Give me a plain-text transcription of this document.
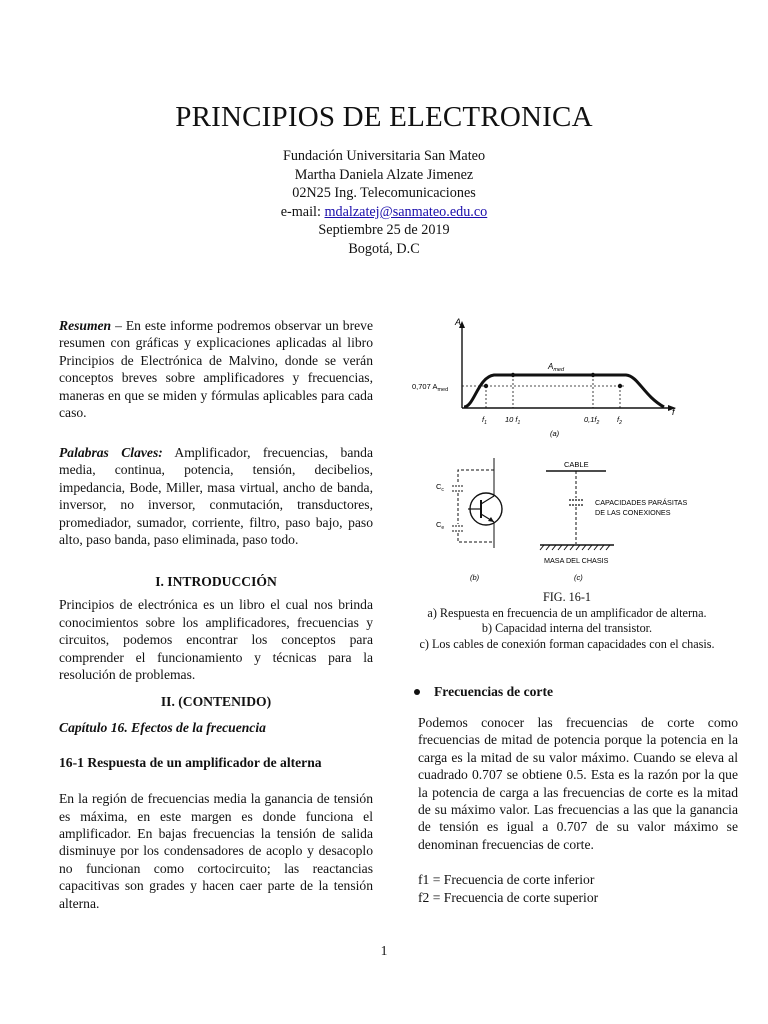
PRINCIPIOS DE ELECTRONICA
Fundación Universitaria San Mateo
Martha Daniela Alzate Jimenez
02N25 Ing. Telecomunicaciones
e-mail: mdalzatej@sanmateo.edu.co
Septiembre 25 de 2019
Bogotá, D.C

Resumen – En este informe podremos observar un breve resumen con gráficas y explicaciones aplicadas al libro Principios de Electrónica de Malvino, donde se verán conceptos breves sobre amplificadores y frecuencias, maneras en que se miden y fórmulas aplicables para cada caso.

Palabras Claves: Amplificador, frecuencias, banda media, continua, potencia, tensión, decibelios, impedancia, Bode, Miller, masa virtual, ancho de banda, inversor, no inversor, conmutación, transductores, promediador, sumador, corriente, filtro, paso bajo, paso alto, paso banda, paso eliminada, paso todo.

I. INTRODUCCIÓN

Principios de electrónica es un libro el cual nos brinda conocimientos sobre los amplificadores, frecuencias y circuitos, podemos encontrar los conceptos para comprender el funcionamiento y técnicas para la resolución de problemas.

II. (CONTENIDO)

Capítulo 16. Efectos de la frecuencia

16-1 Respuesta de un amplificador de alterna

En la región de frecuencias media la ganancia de tensión es máxima, en este margen es donde funciona el amplificador. En bajas frecuencias la tensión de salida disminuye por los condensadores de acoplo y desacoplo no funcionan como cortocircuito; las reactancias capacitivas son grades y hacen caer parte de la tensión alterna.

A
f
$A_{med}$
0,707 $A_{med}$
$f_1$ 10 $f_1$	$0,1f_2$ $f_2$
(a)
$C_c$
$C_e$
(b)
CABLE
CAPACIDADES PARÁSITAS
DE LAS CONEXIONES
MASA DEL CHASIS
(c)
FIG. 16-1
a) Respuesta en frecuencia de un amplificador de alterna.
b) Capacidad interna del transistor.
c) Los cables de conexión forman capacidades con el chasis.
Frecuencias de corte

Podemos conocer las frecuencias de corte como frecuencias de mitad de potencia porque la potencia en la carga es la mitad de su valor máximo. Cuando se eleva al cuadrado 0.707 se obtiene 0.5. Esta es la razón por la que la potencia de carga a las frecuencias de corte es la mitad de su máximo valor. Las frecuencias a las que la ganancia de tensión es igual a 0.707 de su valor máximo se denominan frecuencias de corte.

f1 = Frecuencia de corte inferior

f2 = Frecuencia de corte superior

1
